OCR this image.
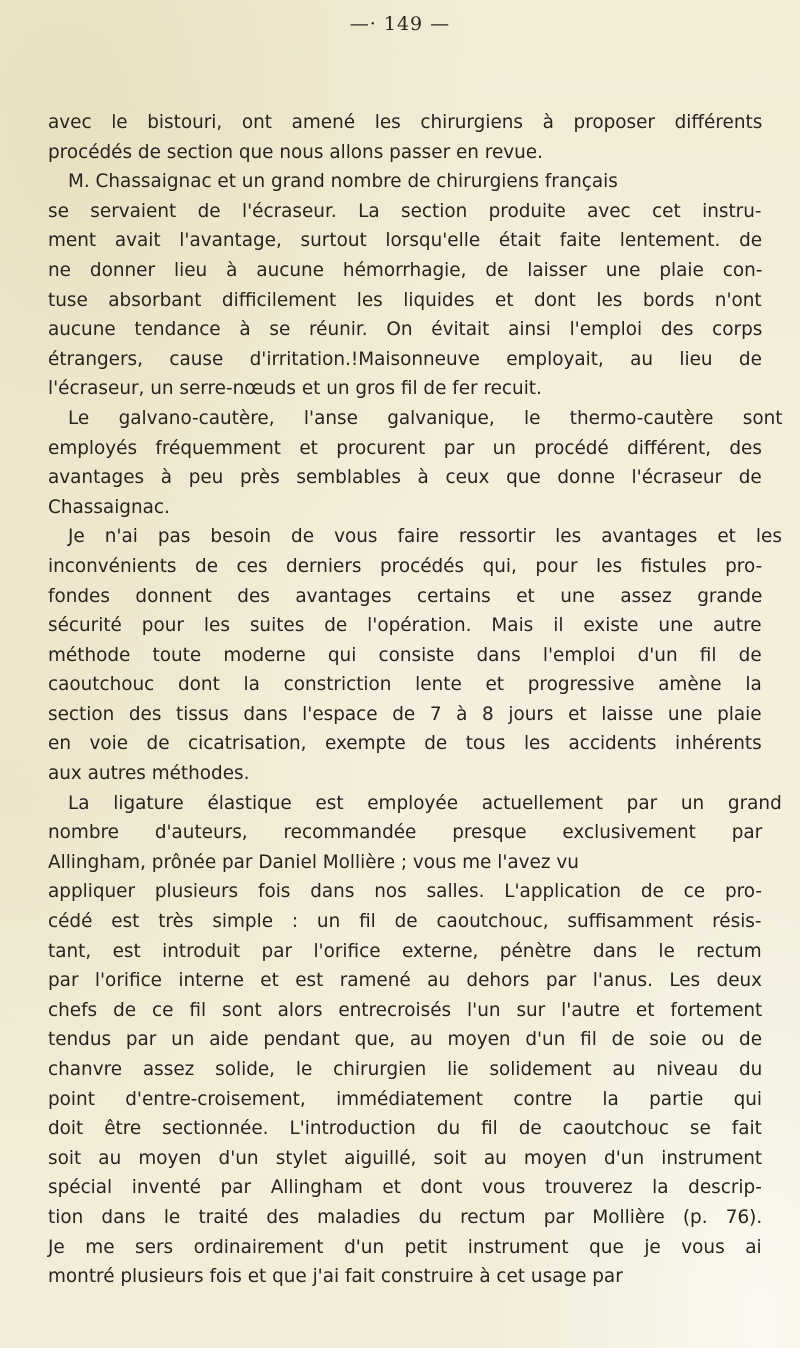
—· 149 —
avec le bistouri, ont amené les chirurgiens à proposer différents
procédés de section que nous allons passer en revue.
M. Chassaignac et un grand nombre de chirurgiens français
se servaient de l'écraseur. La section produite avec cet instru-
ment avait l'avantage, surtout lorsqu'elle était faite lentement. de
ne donner lieu à aucune hémorrhagie, de laisser une plaie con-
tuse absorbant difficilement les liquides et dont les bords n'ont
aucune tendance à se réunir. On évitait ainsi l'emploi des corps
étrangers, cause d'irritation.!Maisonneuve employait, au lieu de
l'écraseur, un serre-nœuds et un gros fil de fer recuit.
Le galvano-cautère, l'anse galvanique, le thermo-cautère sont
employés fréquemment et procurent par un procédé différent, des
avantages à peu près semblables à ceux que donne l'écraseur de
Chassaignac.
Je n'ai pas besoin de vous faire ressortir les avantages et les
inconvénients de ces derniers procédés qui, pour les fistules pro-
fondes donnent des avantages certains et une assez grande
sécurité pour les suites de l'opération. Mais il existe une autre
méthode toute moderne qui consiste dans l'emploi d'un fil de
caoutchouc dont la constriction lente et progressive amène la
section des tissus dans l'espace de 7 à 8 jours et laisse une plaie
en voie de cicatrisation, exempte de tous les accidents inhérents
aux autres méthodes.
La ligature élastique est employée actuellement par un grand
nombre d'auteurs, recommandée presque exclusivement par
Allingham, prônée par Daniel Mollière ; vous me l'avez vu
appliquer plusieurs fois dans nos salles. L'application de ce pro-
cédé est très simple : un fil de caoutchouc, suffisamment résis-
tant, est introduit par l'orifice externe, pénètre dans le rectum
par l'orifice interne et est ramené au dehors par l'anus. Les deux
chefs de ce fil sont alors entrecroisés l'un sur l'autre et fortement
tendus par un aide pendant que, au moyen d'un fil de soie ou de
chanvre assez solide, le chirurgien lie solidement au niveau du
point d'entre-croisement, immédiatement contre la partie qui
doit être sectionnée. L'introduction du fil de caoutchouc se fait
soit au moyen d'un stylet aiguillé, soit au moyen d'un instrument
spécial inventé par Allingham et dont vous trouverez la descrip-
tion dans le traité des maladies du rectum par Mollière (p. 76).
Je me sers ordinairement d'un petit instrument que je vous ai
montré plusieurs fois et que j'ai fait construire à cet usage par
